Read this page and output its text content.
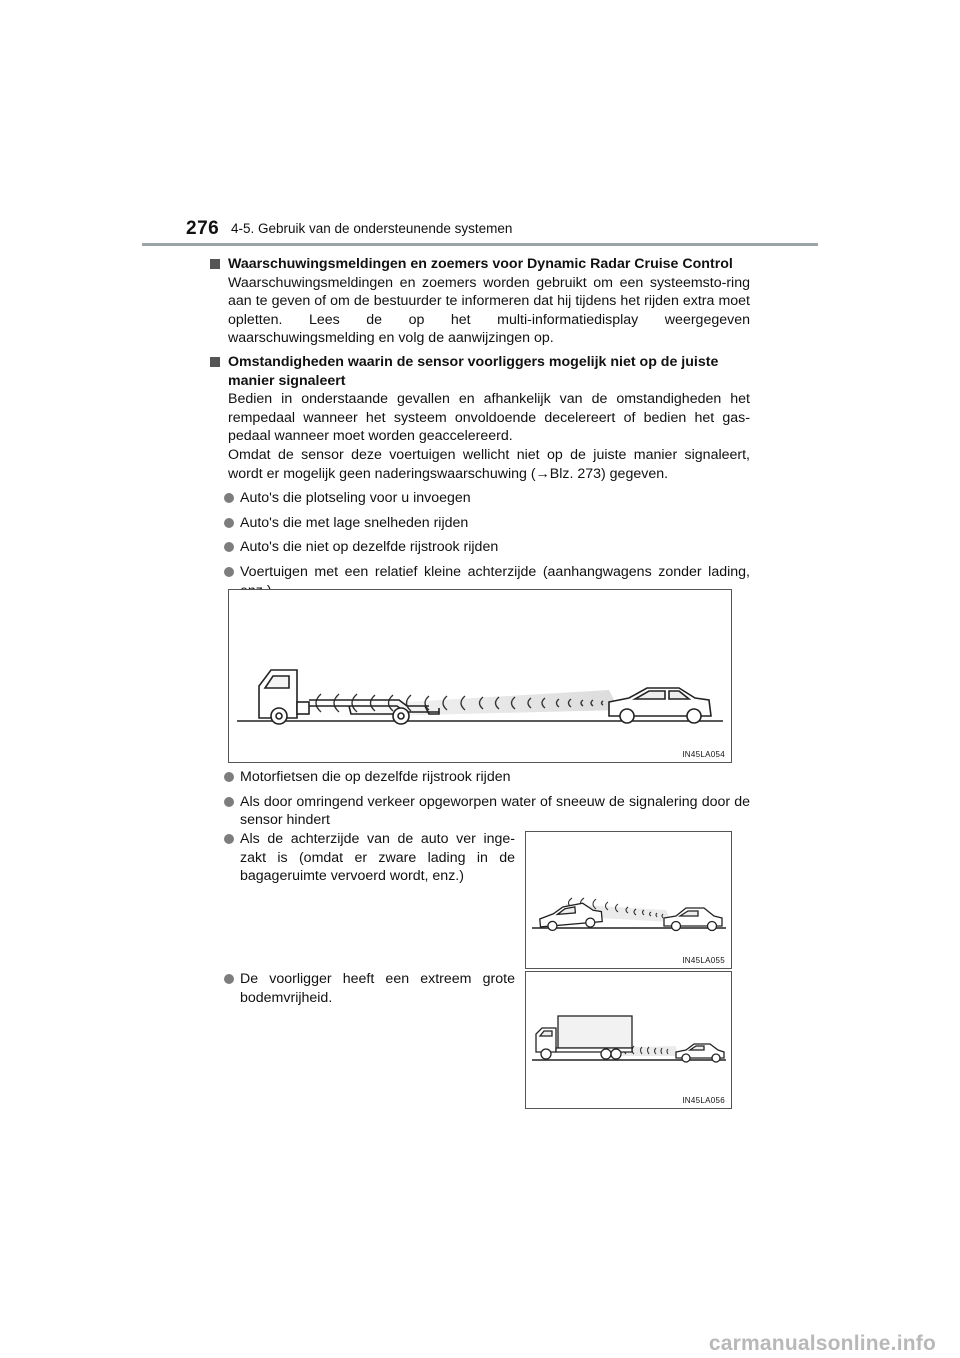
276 4-5. Gebruik van de ondersteunende systemen
Waarschuwingsmeldingen en zoemers voor Dynamic Radar Cruise Control
Waarschuwingsmeldingen en zoemers worden gebruikt om een systeemsto-ring aan te geven of om de bestuurder te informeren dat hij tijdens het rijden extra moet opletten. Lees de op het multi-informatiedisplay weergegeven waarschuwingsmelding en volg de aanwijzingen op.
Omstandigheden waarin de sensor voorliggers mogelijk niet op de juiste manier signaleert
Bedien in onderstaande gevallen en afhankelijk van de omstandigheden het rempedaal wanneer het systeem onvoldoende decelereert of bedien het gas-pedaal wanneer moet worden geaccelereerd.
Omdat de sensor deze voertuigen wellicht niet op de juiste manier signaleert, wordt er mogelijk geen naderingswaarschuwing (→Blz. 273) gegeven.
Auto's die plotseling voor u invoegen
Auto's die met lage snelheden rijden
Auto's die niet op dezelfde rijstrook rijden
Voertuigen met een relatief kleine achterzijde (aanhangwagens zonder lading,
IN45LA054
Motorfietsen die op dezelfde rijstrook rijden
Als door omringend verkeer opgeworpen water of sneeuw de signalering door de sensor hindert
Als de achterzijde van de auto ver inge-zakt is (omdat er zware lading in de bagageruimte vervoerd wordt, enz.)
IN45LA055
De voorligger heeft een extreem grote bodemvrijheid.
IN45LA056
carmanualsonline.info
